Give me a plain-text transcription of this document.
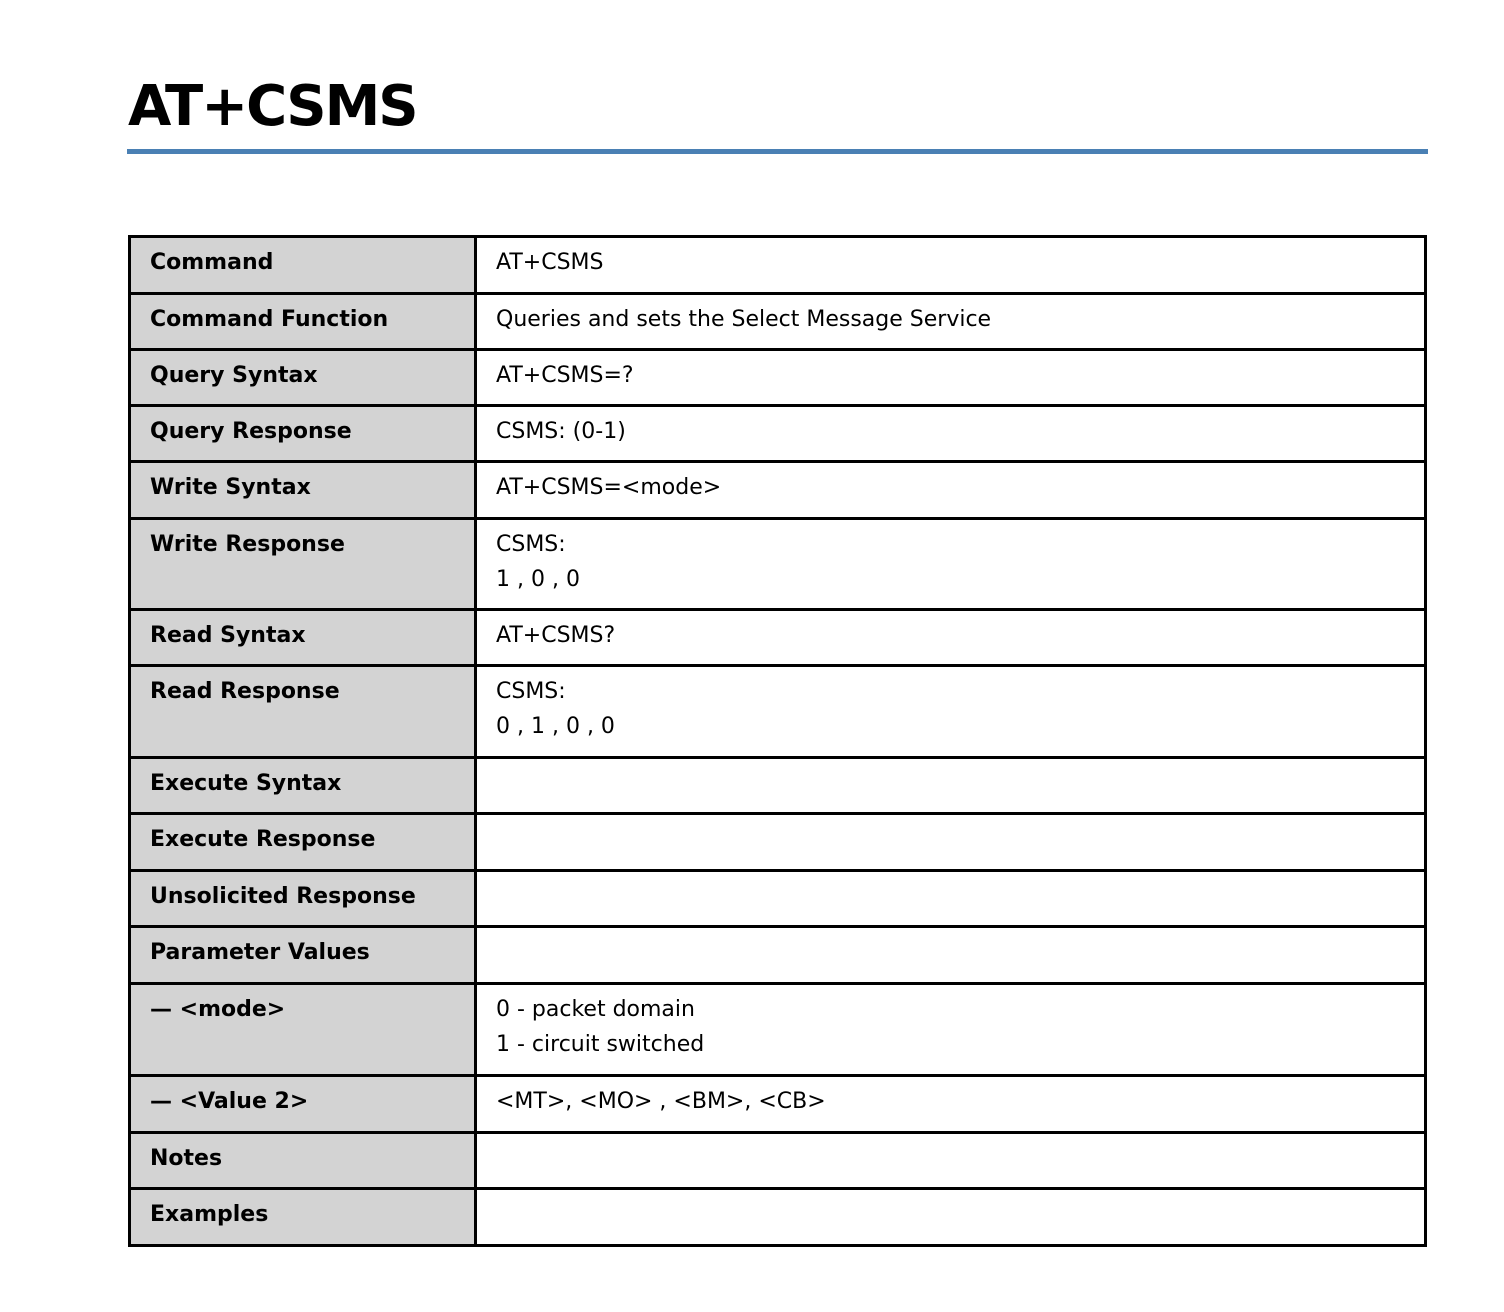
AT+CSMS
Command	AT+CSMS

Command Function	Queries and sets the Select Message Service

Query Syntax	AT+CSMS=?

Query Response	CSMS: (0-1)

Write Syntax	AT+CSMS=<mode>

Write Response	CSMS:
1 , 0 , 0

Read Syntax	AT+CSMS?

Read Response	CSMS:
0 , 1 , 0 , 0

Execute Syntax	

Execute Response	

Unsolicited Response	

Parameter Values	

— <mode>	0 - packet domain
1 - circuit switched

— <Value 2>	<MT>, <MO> , <BM>, <CB>

Notes	

Examples	
